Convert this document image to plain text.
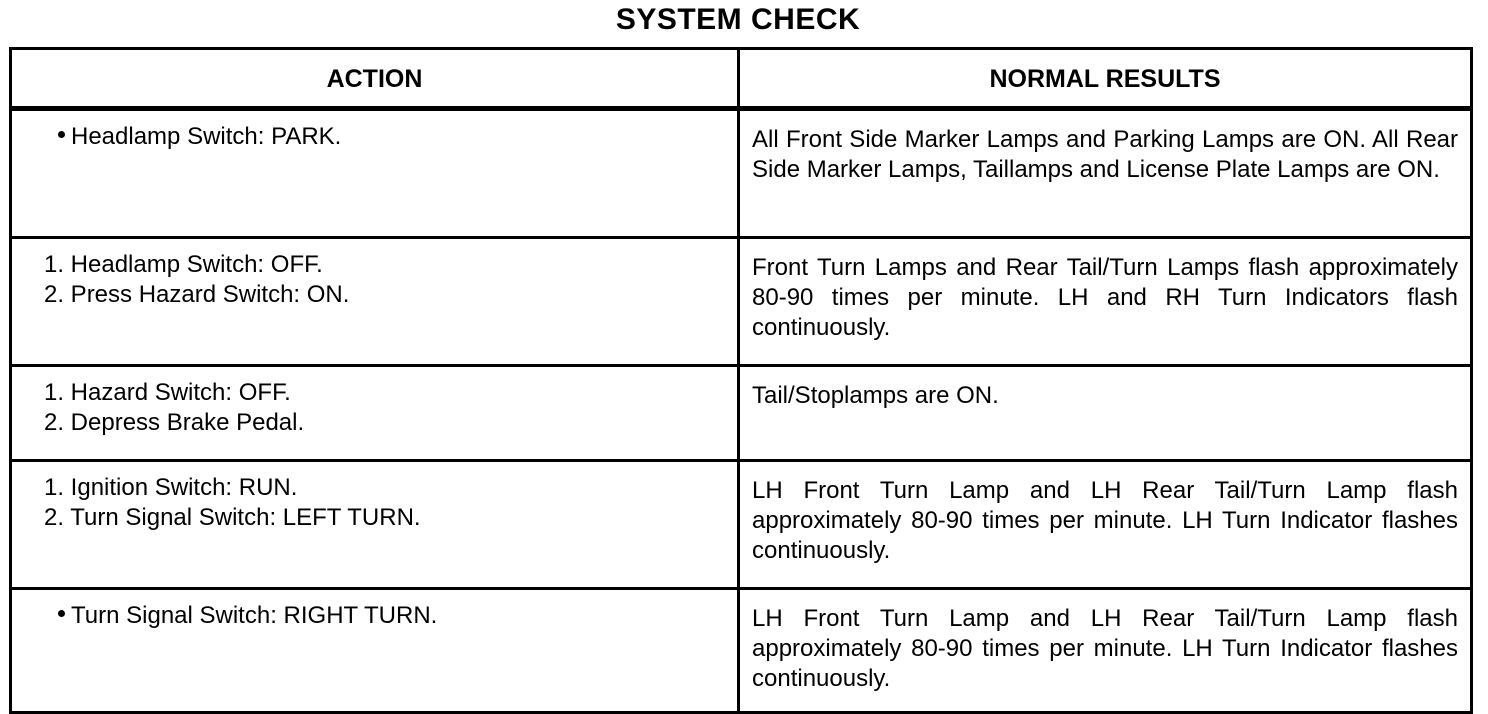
SYSTEM CHECK
ACTION	NORMAL RESULTS

Headlamp Switch: PARK.	All Front Side Marker Lamps and Parking Lamps are ON. All Rear Side Marker Lamps, Taillamps and License Plate Lamps are ON.

1. Headlamp Switch: OFF.
2. Press Hazard Switch: ON.	Front Turn Lamps and Rear Tail/Turn Lamps flash approximately 80-90 times per minute. LH and RH Turn Indicators flash continuously.

1. Hazard Switch: OFF.
2. Depress Brake Pedal.	Tail/Stoplamps are ON.

1. Ignition Switch: RUN.
2. Turn Signal Switch: LEFT TURN.	LH Front Turn Lamp and LH Rear Tail/Turn Lamp flash approximately 80-90 times per minute. LH Turn Indicator flashes continuously.

Turn Signal Switch: RIGHT TURN.	LH Front Turn Lamp and LH Rear Tail/Turn Lamp flash approximately 80-90 times per minute. LH Turn Indicator flashes continuously.
